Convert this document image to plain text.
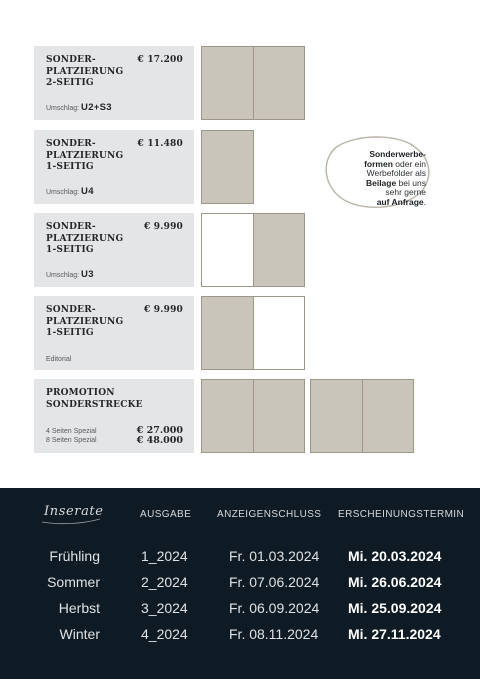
SONDER-
PLATZIERUNG
2-SEITIG
€ 17.200
Umschlag: U2+S3
SONDER-
PLATZIERUNG
1-SEITIG
€ 11.480
Umschlag: U4
SONDER-
PLATZIERUNG
1-SEITIG
€ 9.990
Umschlag: U3
SONDER-
PLATZIERUNG
1-SEITIG
€ 9.990
Editorial
PROMOTION
SONDERSTRECKE
4 Seiten Spezial
8 Seiten Spezial
€ 27.000
€ 48.000
Sonderwerbe-
formen oder ein
Werbefolder als
Beilage bei uns
sehr gerne
auf Anfrage.
Inserate	AUSGABE	ANZEIGENSCHLUSS ERSCHEINUNGSTERMIN
Frühling	1_2024	Fr. 01.03.2024 Mi. 20.03.2024
Sommer	2_2024	Fr. 07.06.2024 Mi. 26.06.2024
Herbst	3_2024	Fr. 06.09.2024 Mi. 25.09.2024
Winter	4_2024	Fr. 08.11.2024 Mi. 27.11.2024
